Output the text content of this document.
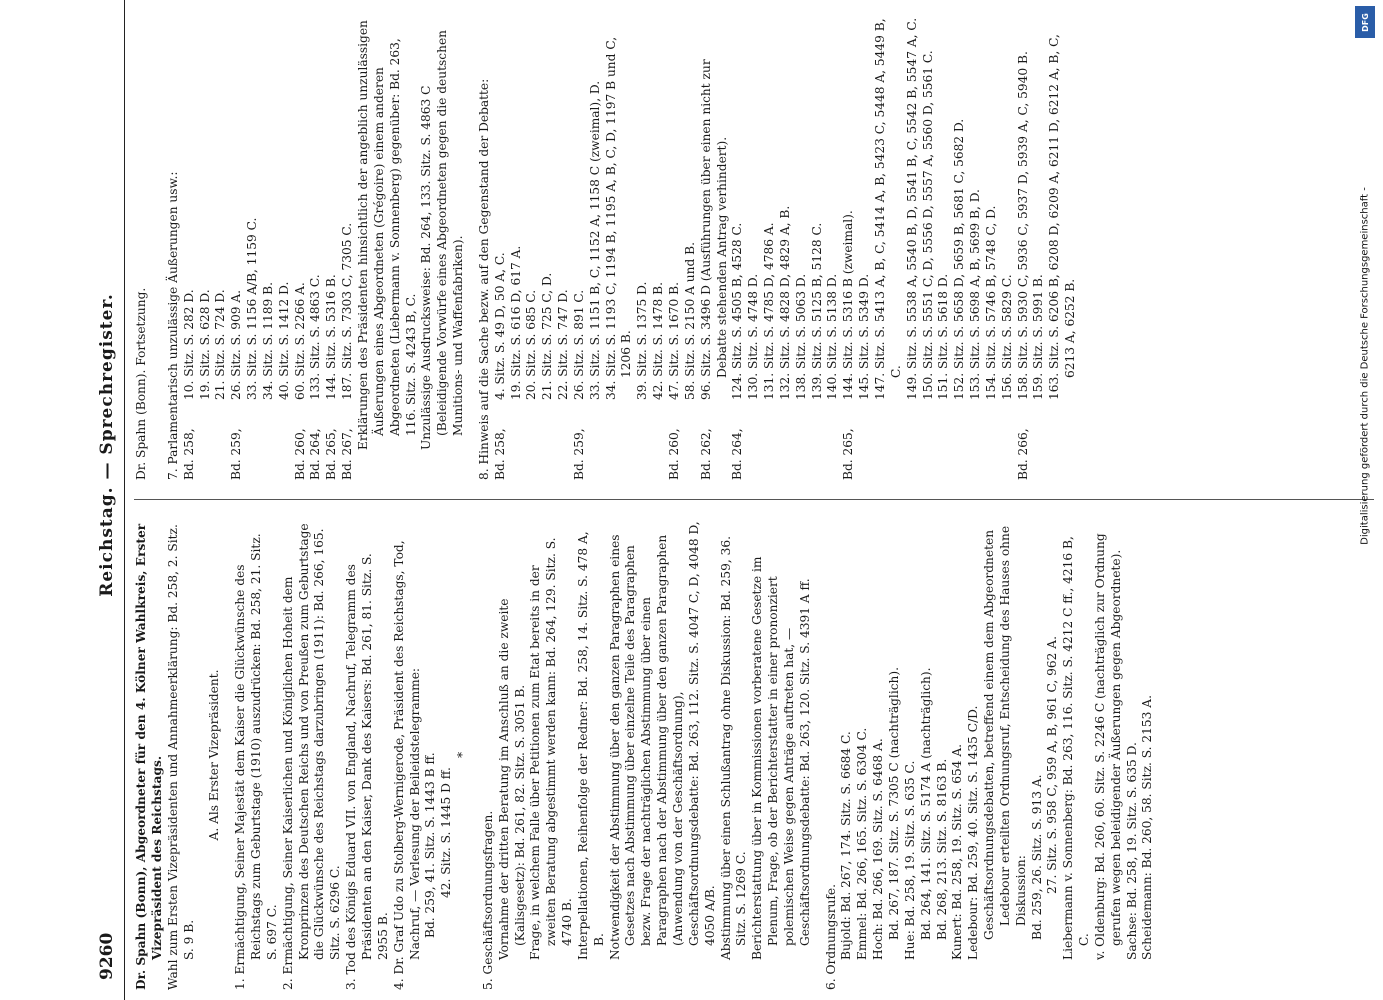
9260
Reichstag. — Sprechregister.

Dr. Spahn (Bonn), Abgeordneter für den 4. Kölner Wahlkreis, Erster Vizepräsident des Reichstags. Wahl zum Ersten Vizepräsidenten und Annahmeerklärung: Bd. 258, 2. Sitz. S. 9 B.

A. Als Erster Vizepräsident. 1. Ermächtigung, Seiner Majestät dem Kaiser die Glückwünsche des Reichstags zum Geburtstage (1910) auszudrücken: Bd. 258, 21. Sitz. S. 697 C. 2. Ermächtigung, Seiner Kaiserlichen und Königlichen Hoheit dem Kronprinzen des Deutschen Reichs und von Preußen zum Geburtstage die Glückwünsche des Reichstags darzubringen (1911): Bd. 266, 165. Sitz. S. 6296 C. 3. Tod des Königs Eduard VII. von England, Nachruf, Telegramm des Präsidenten an den Kaiser, Dank des Kaisers: Bd. 261, 81. Sitz. S. 2955 B. 4. Dr. Graf Udo zu Stolberg-Wernigerode, Präsident des Reichstags, Tod, Nachruf, — Verlesung der Beileidstelegramme: Bd. 259, 41. Sitz. S. 1443 B ff. 42. Sitz. S. 1445 D ff.

*

5. Geschäftsordnungsfragen. Vornahme der dritten Beratung im Anschluß an die zweite (Kalisgesetz): Bd. 261, 82. Sitz. S. 3051 B. Frage, in welchem Falle über Petitionen zum Etat bereits in der zweiten Beratung abgestimmt werden kann: Bd. 264, 129. Sitz. S. 4740 B. Interpellationen, Reihenfolge der Redner: Bd. 258, 14. Sitz. S. 478 A, B. Notwendigkeit der Abstimmung über den ganzen Paragraphen eines Gesetzes nach Abstimmung über einzelne Teile des Paragraphen bezw. Frage der nachträglichen Abstimmung über einen Paragraphen nach der Abstimmung über den ganzen Paragraphen (Anwendung von der Geschäftsordnung), Geschäftsordnungsdebatte: Bd. 263, 112. Sitz. S. 4047 C, D, 4048 D, 4050 A/B. Abstimmung über einen Schlußantrag ohne Diskussion: Bd. 259, 36. Sitz. S. 1269 C. Berichterstattung über in Kommissionen vorberatene Gesetze im Plenum, Frage, ob der Berichterstatter in einer prononziert polemischen Weise gegen Anträge auftreten hat, — Geschäftsordnungsdebatte: Bd. 263, 120. Sitz. S. 4391 A ff. 6. Ordnungsrufe. Bujold: Bd. 267, 174. Sitz. S. 6684 C. Emmel: Bd. 266, 165. Sitz. S. 6304 C. Hoch: Bd. 266, 169. Sitz. S. 6468 A. Bd. 267, 187. Sitz. S. 7305 C (nachträglich). Hue: Bd. 258, 19. Sitz. S. 635 C. Bd. 264, 141. Sitz. S. 5174 A (nachträglich). Bd. 268, 213. Sitz. S. 8163 B. Kunert: Bd. 258, 19. Sitz. S. 654 A. Ledebour: Bd. 259, 40. Sitz. S. 1435 C/D. Geschäftsordnungsdebatten, betreffend einem dem Abgeordneten Ledebour erteilten Ordnungsruf, Entscheidung des Hauses ohne Diskussion: Bd. 259, 26. Sitz. S. 913 A. 27. Sitz. S. 958 C, 959 A, B, 961 C, 962 A. Liebermann v. Sonnenberg: Bd. 263, 116. Sitz. S. 4212 C ff., 4216 B, C. v. Oldenburg: Bd. 260, 60. Sitz. S. 2246 C (nachträglich zur Ordnung gerufen wegen beleidigender Äußerungen gegen Abgeordnete). Sachse: Bd. 258, 19. Sitz. S. 635 D. Scheidemann: Bd. 260, 58. Sitz. S. 2153 A.

Dr. Spahn (Bonn). Fortsetzung. 7. Parlamentarisch unzulässige Äußerungen usw.: Bd. 258,
10. Sitz. S. 282 D. 19. Sitz. S. 628 D. 21. Sitz. S. 724 D.
Bd. 259,
26. Sitz. S. 909 A. 33. Sitz. S. 1156 A/B, 1159 C. 34. Sitz. S. 1189 B. 40. Sitz. S. 1412 D.
Bd. 260,
60. Sitz. S. 2266 A.
Bd. 264,
133. Sitz. S. 4863 C.
Bd. 265,
144. Sitz. S. 5316 B.
Bd. 267,
187. Sitz. S. 7303 C, 7305 C. Erklärungen des Präsidenten hinsichtlich der angeblich unzulässigen Äußerungen eines Abgeordneten (Grégoire) einem anderen Abgeordneten (Liebermann v. Sonnenberg) gegenüber: Bd. 263, 116. Sitz. S. 4243 B, C. Unzulässige Ausdrucksweise: Bd. 264, 133. Sitz. S. 4863 C (Beleidigende Vorwürfe eines Abgeordneten gegen die deutschen Munitions- und Waffenfabriken). 8. Hinweis auf die Sache bezw. auf den Gegenstand der Debatte: Bd. 258,
4. Sitz. S. 49 D, 50 A, C. 19. Sitz. S. 616 D, 617 A. 20. Sitz. S. 685 C. 21. Sitz. S. 725 C, D. 22. Sitz. S. 747 D.
Bd. 259,
26. Sitz. S. 891 C. 33. Sitz. S. 1151 B, C, 1152 A, 1158 C (zweimal), D. 34. Sitz. S. 1193 C, 1194 B, 1195 A, B, C, D, 1197 B und C, 1206 B. 39. Sitz. S. 1375 D. 42. Sitz. S. 1478 B.
Bd. 260,
47. Sitz. S. 1670 B. 58. Sitz. S. 2150 A und B.
Bd. 262,
96. Sitz. S. 3496 D (Ausführungen über einen nicht zur Debatte stehenden Antrag verhindert).
Bd. 264,
124. Sitz. S. 4505 B, 4528 C. 130. Sitz. S. 4748 D. 131. Sitz. S. 4785 D, 4786 A. 132. Sitz. S. 4828 D, 4829 A, B. 138. Sitz. S. 5063 D. 139. Sitz. S. 5125 B, 5128 C. 140. Sitz. S. 5138 D.
Bd. 265,
144. Sitz. S. 5316 B (zweimal). 145. Sitz. S. 5349 D. 147. Sitz. S. 5413 A, B, C, 5414 A, B, 5423 C, 5448 A, 5449 B, C. 149. Sitz. S. 5538 A, 5540 B, D, 5541 B, C, 5542 B, 5547 A, C. 150. Sitz. S. 5551 C, D, 5556 D, 5557 A, 5560 D, 5561 C. 151. Sitz. S. 5618 D. 152. Sitz. S. 5658 D, 5659 B, 5681 C, 5682 D. 153. Sitz. S. 5698 A, B, 5699 B, D. 154. Sitz. S. 5746 B, 5748 C, D. 156. Sitz. S. 5829 C.
Bd. 266,
158. Sitz. S. 5930 C, 5936 C, 5937 D, 5939 A, C, 5940 B. 159. Sitz. S. 5991 B. 163. Sitz. S. 6206 B, 6208 D, 6209 A, 6211 D, 6212 A, B, C, 6213 A, 6252 B.
DFG
Digitalisierung gefördert durch die Deutsche Forschungsgemeinschaft -
